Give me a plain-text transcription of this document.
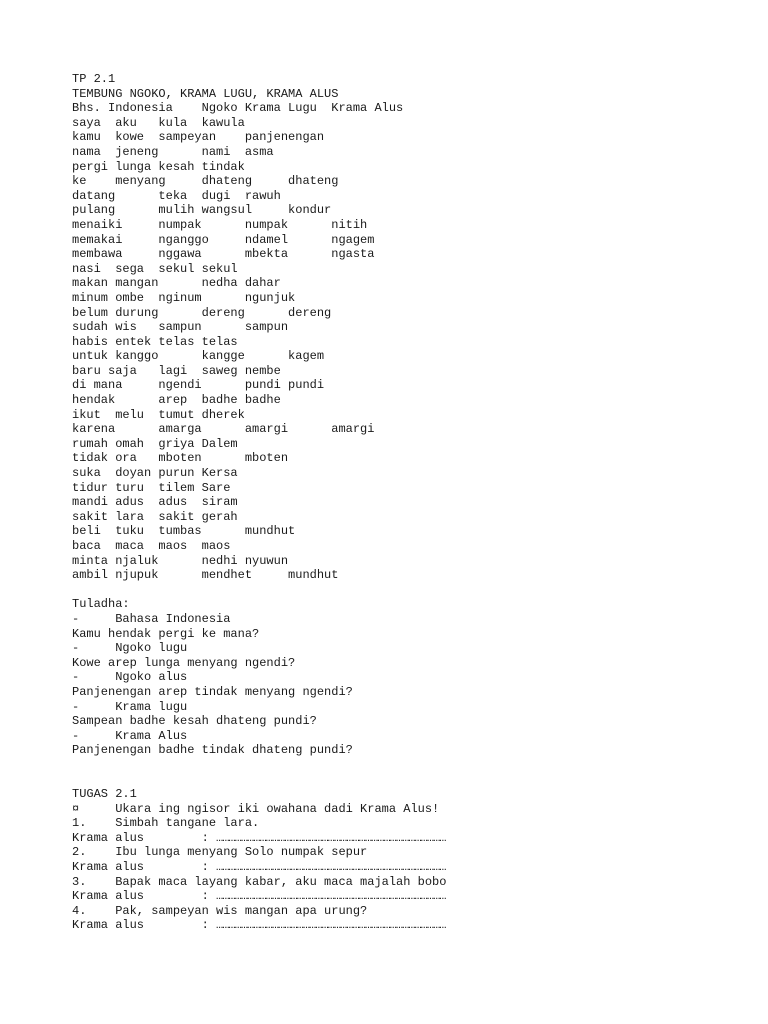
TP 2.1
TEMBUNG NGOKO, KRAMA LUGU, KRAMA ALUS
Bhs. Indonesia    Ngoko Krama Lugu  Krama Alus
saya  aku   kula  kawula
kamu  kowe  sampeyan    panjenengan
nama  jeneng      nami  asma
pergi lunga kesah tindak
ke    menyang     dhateng     dhateng
datang      teka  dugi  rawuh
pulang      mulih wangsul     kondur
menaiki     numpak      numpak      nitih
memakai     nganggo     ndamel      ngagem
membawa     nggawa      mbekta      ngasta
nasi  sega  sekul sekul
makan mangan      nedha dahar
minum ombe  nginum      ngunjuk
belum durung      dereng      dereng
sudah wis   sampun      sampun
habis entek telas telas
untuk kanggo      kangge      kagem
baru saja   lagi  saweg nembe
di mana     ngendi      pundi pundi
hendak      arep  badhe badhe
ikut  melu  tumut dherek
karena      amarga      amargi      amargi
rumah omah  griya Dalem
tidak ora   mboten      mboten
suka  doyan purun Kersa
tidur turu  tilem Sare
mandi adus  adus  siram
sakit lara  sakit gerah
beli  tuku  tumbas      mundhut
baca  maca  maos  maos
minta njaluk      nedhi nyuwun
ambil njupuk      mendhet     mundhut
Tuladha:
-     Bahasa Indonesia
Kamu hendak pergi ke mana?
-     Ngoko lugu
Kowe arep lunga menyang ngendi?
-     Ngoko alus
Panjenengan arep tindak menyang ngendi?
-     Krama lugu
Sampean badhe kesah dhateng pundi?
-     Krama Alus
Panjenengan badhe tindak dhateng pundi?
TUGAS 2.1
¤     Ukara ing ngisor iki owahana dadi Krama Alus!
1.    Simbah tangane lara.
Krama alus        : …………………………………………………………………………………………………
2.    Ibu lunga menyang Solo numpak sepur
Krama alus        : …………………………………………………………………………………………………
3.    Bapak maca layang kabar, aku maca majalah bobo
Krama alus        : …………………………………………………………………………………………………
4.    Pak, sampeyan wis mangan apa urung?
Krama alus        : …………………………………………………………………………………………………
